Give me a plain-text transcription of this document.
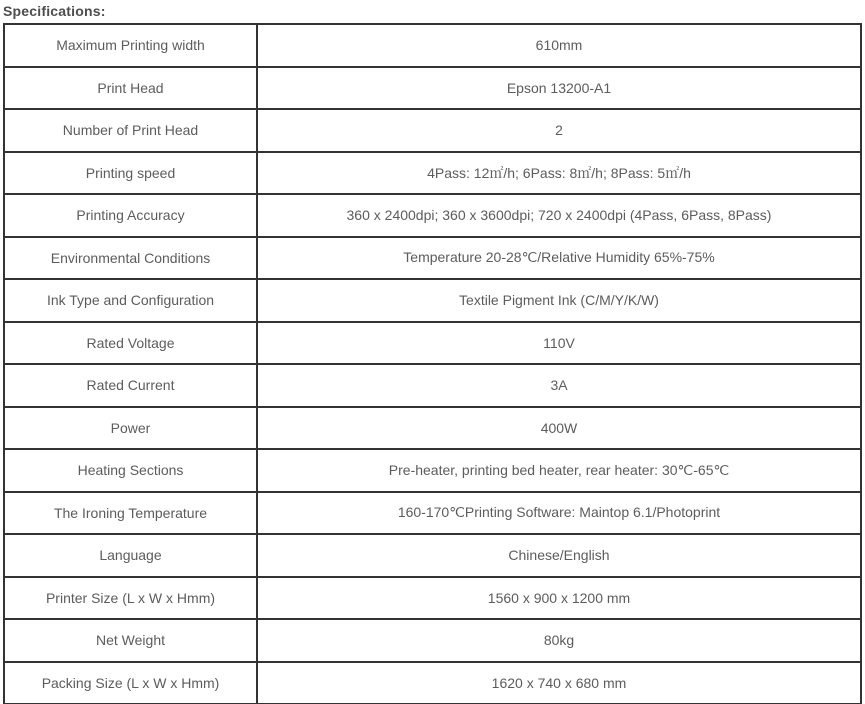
Specifications:
Maximum Printing width	610mm
Print Head	Epson 13200-A1
Number of Print Head	2
Printing speed	4Pass: 12㎡/h; 6Pass: 8㎡/h; 8Pass: 5㎡/h
Printing Accuracy	360 x 2400dpi; 360 x 3600dpi; 720 x 2400dpi (4Pass, 6Pass, 8Pass)
Environmental Conditions	Temperature 20-28℃/Relative Humidity 65%-75%
Ink Type and Configuration	Textile Pigment Ink (C/M/Y/K/W)
Rated Voltage	110V
Rated Current	3A
Power	400W
Heating Sections	Pre-heater, printing bed heater, rear heater: 30℃-65℃
The Ironing Temperature	160-170℃Printing Software: Maintop 6.1/Photoprint
Language	Chinese/English
Printer Size (L x W x Hmm)	1560 x 900 x 1200 mm
Net Weight	80kg
Packing Size (L x W x Hmm)	1620 x 740 x 680 mm
